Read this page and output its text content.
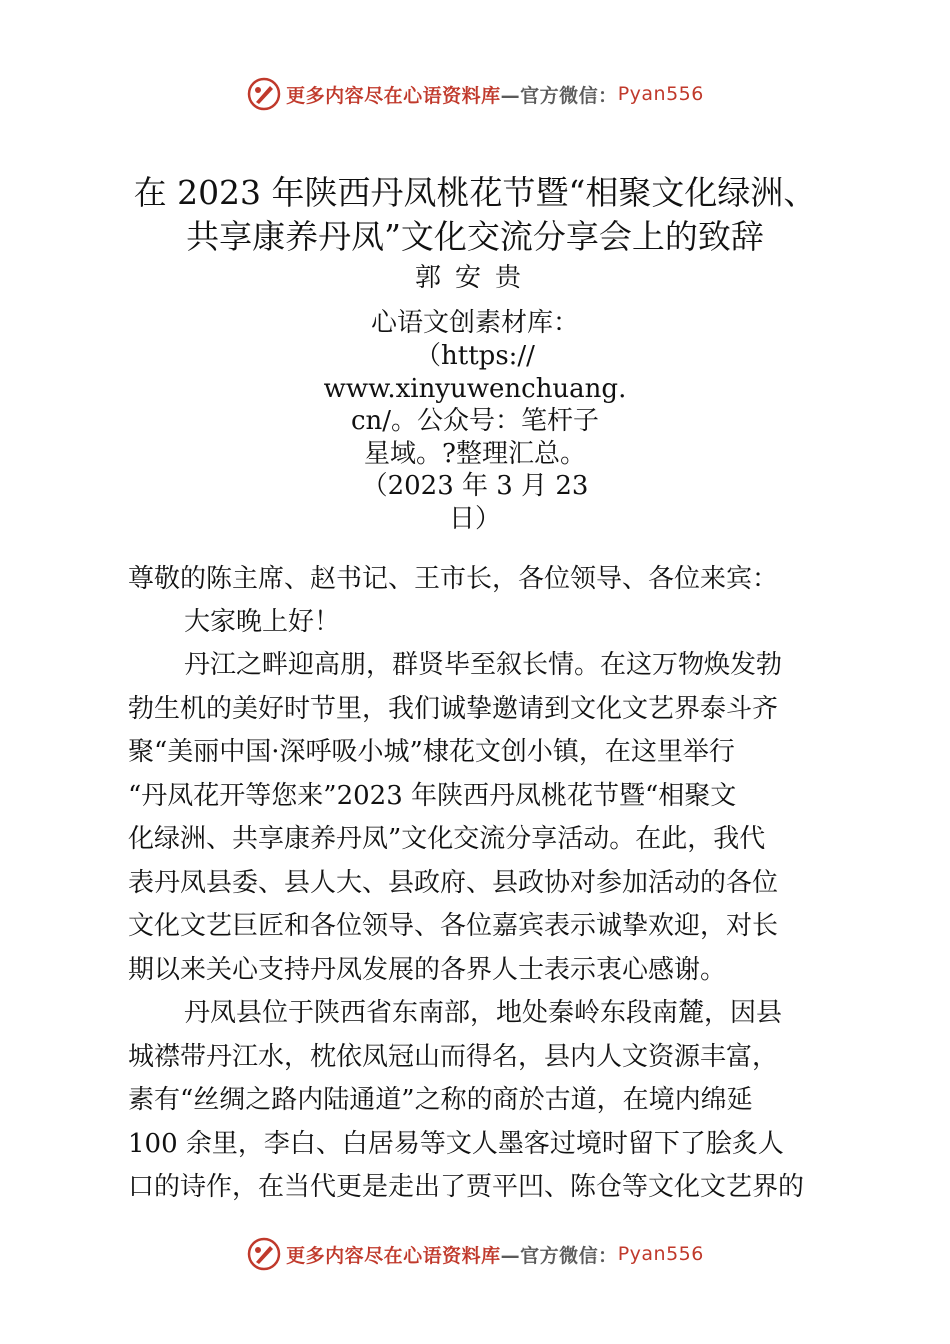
更多内容尽在心语资料库 —官方微信： Pyan556
在 2023 年陕西丹凤桃花节暨“相聚文化绿洲、
共享康养丹凤”文化交流分享会上的致辞
郭安贵
心语文创素材库：
（https://
www.xinyuwenchuang.
cn/。公众号：笔杆子
星域。?整理汇总。
（2023 年 3 月 23
日）
尊敬的陈主席、赵书记、王市长，各位领导、各位来宾：
大家晚上好！
丹江之畔迎高朋，群贤毕至叙长情。在这万物焕发勃
勃生机的美好时节里，我们诚挚邀请到文化文艺界泰斗齐
聚“美丽中国·深呼吸小城”棣花文创小镇，在这里举行
“丹凤花开等您来”2023 年陕西丹凤桃花节暨“相聚文
化绿洲、共享康养丹凤”文化交流分享活动。在此，我代
表丹凤县委、县人大、县政府、县政协对参加活动的各位
文化文艺巨匠和各位领导、各位嘉宾表示诚挚欢迎，对长
期以来关心支持丹凤发展的各界人士表示衷心感谢。
丹凤县位于陕西省东南部，地处秦岭东段南麓，因县
城襟带丹江水，枕依凤冠山而得名，县内人文资源丰富，
素有“丝绸之路内陆通道”之称的商於古道，在境内绵延
100 余里，李白、白居易等文人墨客过境时留下了脍炙人
口的诗作，在当代更是走出了贾平凹、陈仓等文化文艺界的
更多内容尽在心语资料库 —官方微信： Pyan556
